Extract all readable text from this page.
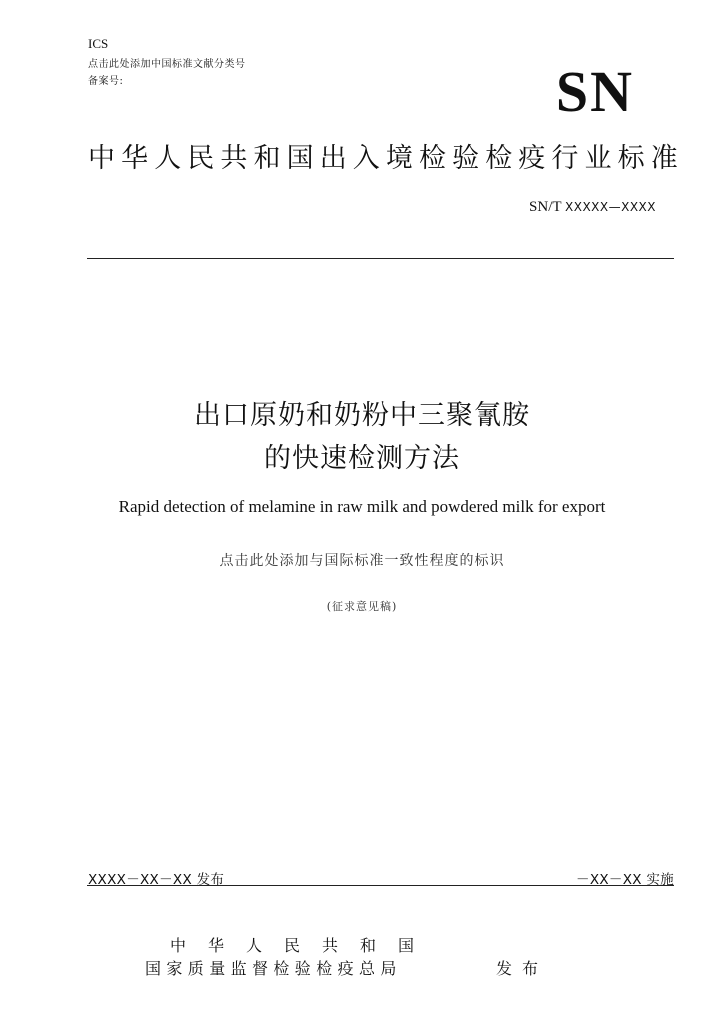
ICS
点击此处添加中国标准文献分类号
备案号:	SN
中华人民共和国出入境检验检疫行业标准
SN/T XXXXX—XXXX
出口原奶和奶粉中三聚氰胺
的快速检测方法
Rapid detection of melamine in raw milk and powdered milk for export
点击此处添加与国际标准一致性程度的标识
(征求意见稿)
XXXX－XX－XX 发布	－XX－XX 实施
中华人民共和国
国家质量监督检验检疫总局	发布
